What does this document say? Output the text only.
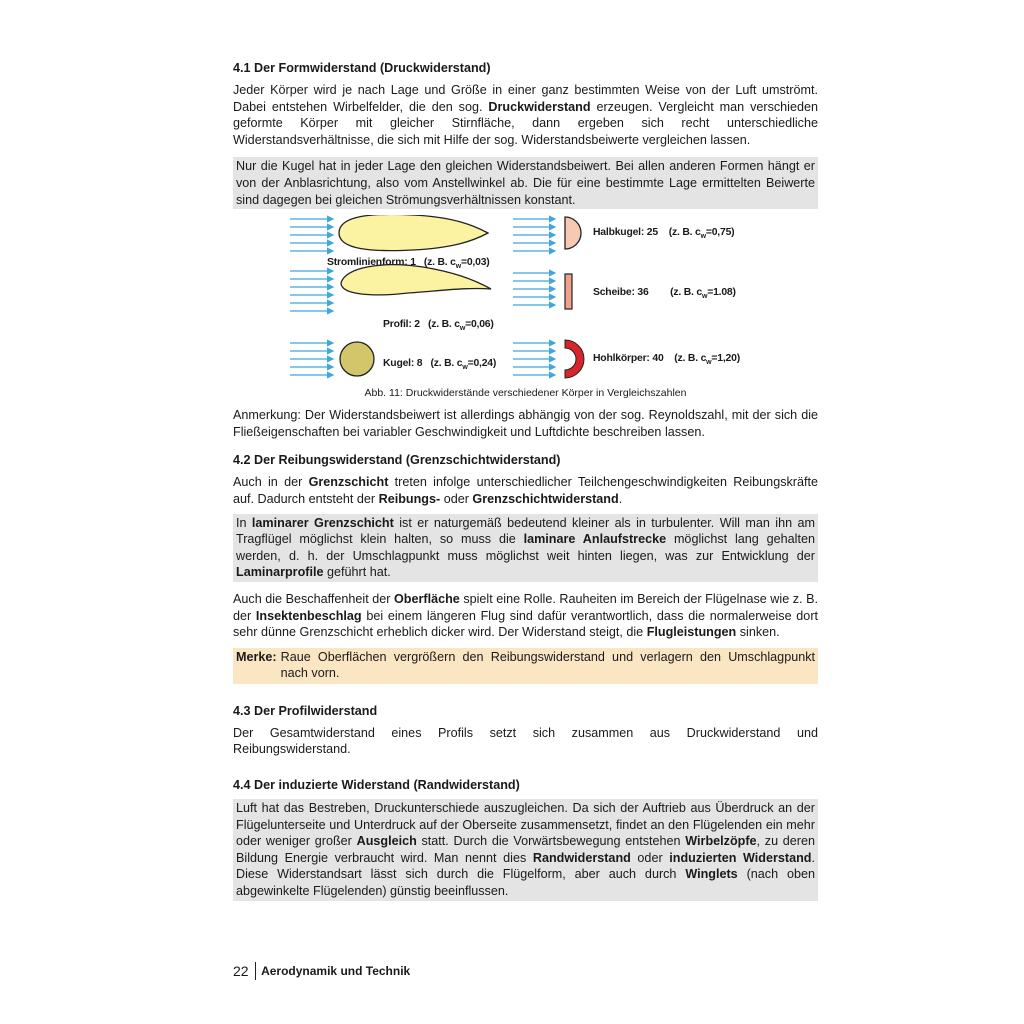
4.1 Der Formwiderstand (Druckwiderstand)

Jeder Körper wird je nach Lage und Größe in einer ganz bestimmten Weise von der Luft umströmt. Dabei entstehen Wirbelfelder, die den sog. Druckwiderstand erzeugen. Vergleicht man verschieden geformte Körper mit gleicher Stirnfläche, dann ergeben sich recht unterschiedliche Widerstandsverhältnisse, die sich mit Hilfe der sog. Widerstandsbeiwerte vergleichen lassen.

Nur die Kugel hat in jeder Lage den gleichen Widerstandsbeiwert. Bei allen anderen Formen hängt er von der Anblasrichtung, also vom Anstellwinkel ab. Die für eine bestimmte Lage ermittelten Beiwerte sind dagegen bei gleichen Strömungsverhältnissen konstant.

Stromlinienform: 1 (z. B. $c_w=0,03$)
Profil: 2 (z. B. $c_w=0,06$)
Kugel: 8 (z. B. $c_w=0,24$)
Halbkugel: 25 (z. B. $c_w=0,75$)
Scheibe: 36 (z. B. $c_w=1.08$)
Hohlkörper: 40 (z. B. $c_w=1,20$)
Abb. 11: Druckwiderstände verschiedener Körper in Vergleichszahlen

Anmerkung: Der Widerstandsbeiwert ist allerdings abhängig von der sog. Reynoldszahl, mit der sich die Fließeigenschaften bei variabler Geschwindigkeit und Luftdichte beschreiben lassen.

4.2 Der Reibungswiderstand (Grenzschichtwiderstand)

Auch in der Grenzschicht treten infolge unterschiedlicher Teilchengeschwindigkeiten Reibungskräfte auf. Dadurch entsteht der Reibungs- oder Grenzschichtwiderstand.

In laminarer Grenzschicht ist er naturgemäß bedeutend kleiner als in turbulenter. Will man ihn am Tragflügel möglichst klein halten, so muss die laminare Anlaufstrecke möglichst lang gehalten werden, d. h. der Umschlagpunkt muss möglichst weit hinten liegen, was zur Entwicklung der Laminarprofile geführt hat.

Auch die Beschaffenheit der Oberfläche spielt eine Rolle. Rauheiten im Bereich der Flügelnase wie z. B. der Insektenbeschlag bei einem längeren Flug sind dafür verantwortlich, dass die normalerweise dort sehr dünne Grenzschicht erheblich dicker wird. Der Widerstand steigt, die Flugleistungen sinken.

Merke: Raue Oberflächen vergrößern den Reibungswiderstand und verlagern den Umschlagpunkt nach vorn.

4.3 Der Profilwiderstand

Der Gesamtwiderstand eines Profils setzt sich zusammen aus Druckwiderstand und Reibungswiderstand.

4.4 Der induzierte Widerstand (Randwiderstand)

Luft hat das Bestreben, Druckunterschiede auszugleichen. Da sich der Auftrieb aus Überdruck an der Flügelunterseite und Unterdruck auf der Oberseite zusammensetzt, findet an den Flügelenden ein mehr oder weniger großer Ausgleich statt. Durch die Vorwärtsbewegung entstehen Wirbelzöpfe, zu deren Bildung Energie verbraucht wird. Man nennt dies Randwiderstand oder induzierten Widerstand. Diese Widerstandsart lässt sich durch die Flügelform, aber auch durch Winglets (nach oben abgewinkelte Flügelenden) günstig beeinflussen.

22 Aerodynamik und Technik
